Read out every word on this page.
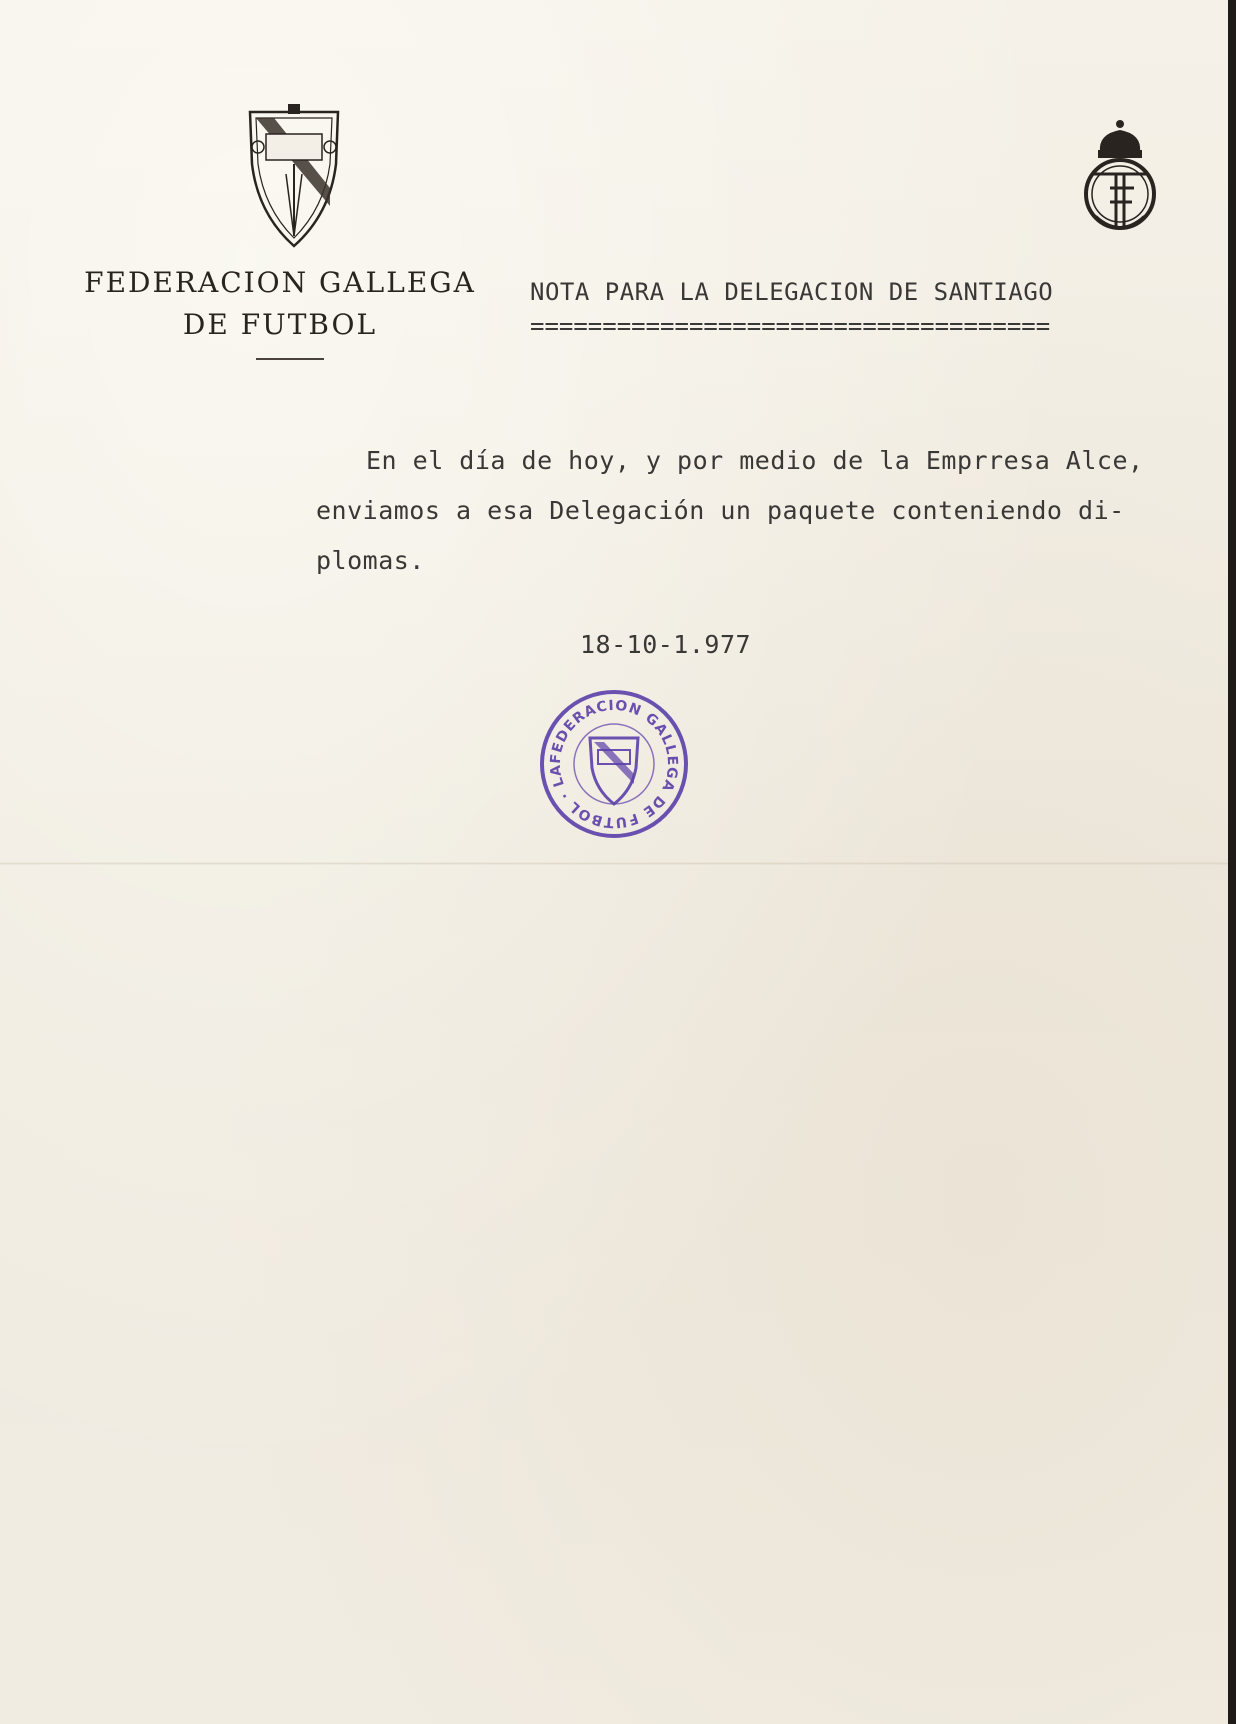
FEDERACION GALLEGA
DE FUTBOL
NOTA PARA LA DELEGACION DE SANTIAGO
====================================
En el día de hoy, y por medio de la Emprresa Alce,
enviamos a esa Delegación un paquete conteniendo di-
plomas.
18-10-1.977
FEDERACION GALLEGA DE FUTBOL · LA
